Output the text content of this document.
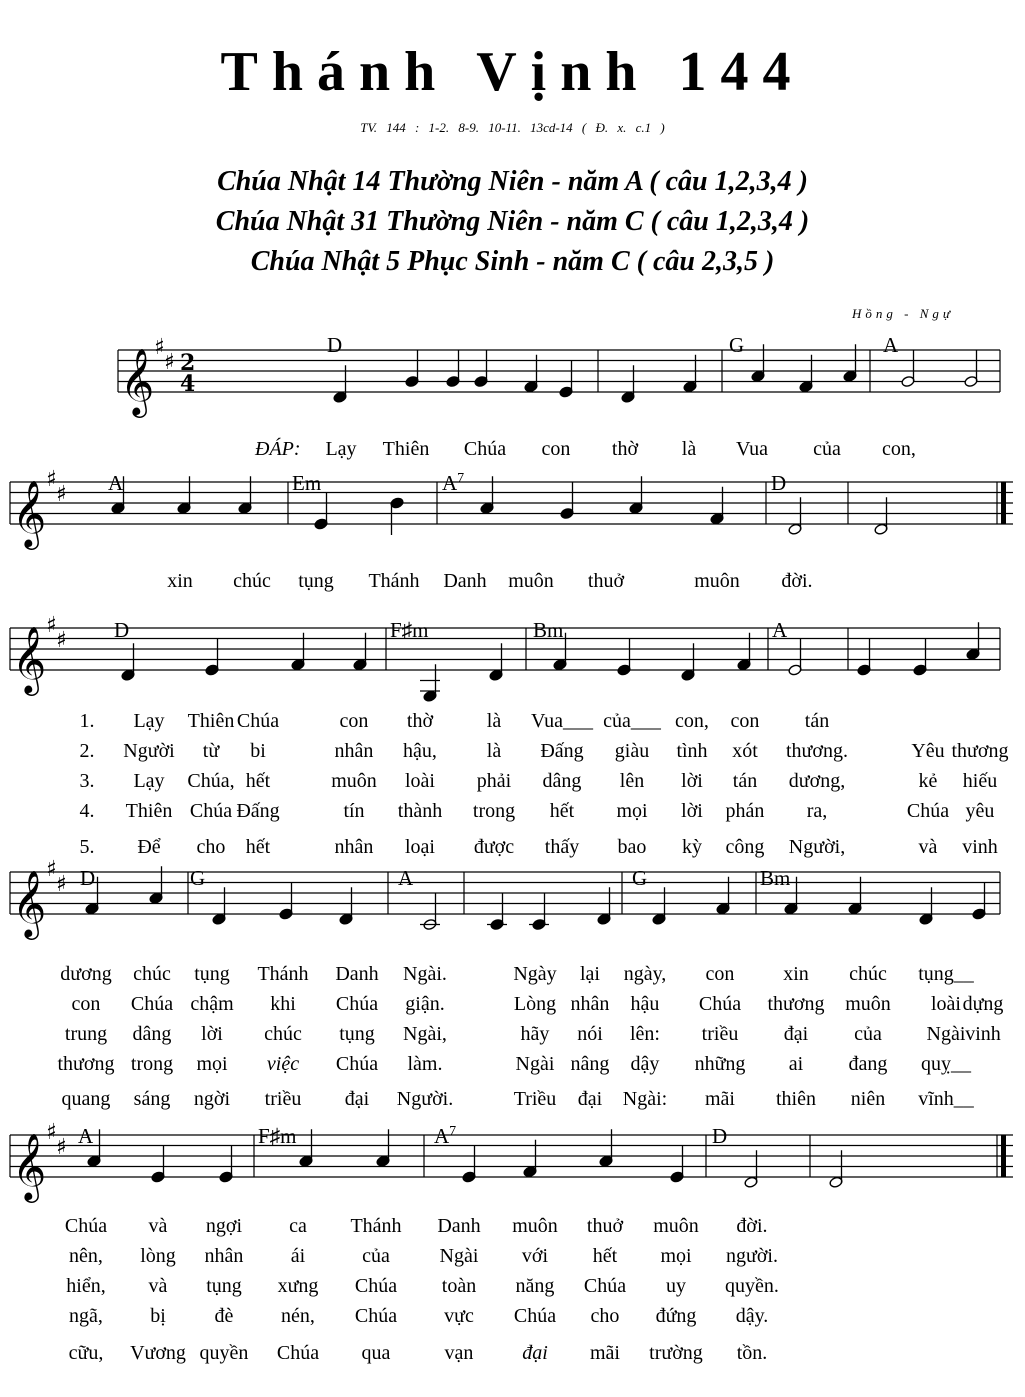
Thánh Vịnh 144
TV. 144 : 1-2. 8-9. 10-11. 13cd-14 ( Đ. x. c.1 )
Chúa Nhật 14 Thường Niên - năm A ( câu 1,2,3,4 )
Chúa Nhật 31 Thường Niên - năm C ( câu 1,2,3,4 )
Chúa Nhật 5 Phục Sinh - năm C ( câu 2,3,5 )
Hồng - Ngự
𝄞 ♯
♯ 2
4
D	G	A
𝄞 ♯
♯ A	Em	$A^7$	D
𝄞 ♯
♯ D	F♯m	Bm	A
𝄞 ♯
♯ D	G	A	G	Bm
𝄞 ♯
♯ A	F♯m	$A^7$	D
ĐÁP: Lạy Thiên Chúa con thờ là Vua của con,
xin chúc tụng Thánh Danh muôn thuở	muôn đời.
1. Lạy Thiên Chúa	con thờ	là Vua___ của___ con, con tán
2. Người từ bi	nhân hậu, là Đấng giàu tình xót thương.	Yêu thương
3. Lạy Chúa, hết	muôn loài phải dâng lên lời tán dương,	kẻ hiếu
4. Thiên Chúa Đấng	tín thành trong hết mọi lời phán ra,	Chúa yêu
5. Để cho hết	nhân loại được thấy bao kỳ công Người,	và vinh
dương chúc tụng Thánh Danh Ngài.	Ngày lại ngày, con xin chúc tụng__
con Chúa chậm khi Chúa giận.	Lòng nhân hậu Chúa thương muôn loài dựng
trung dâng lời chúc tụng Ngài,	hãy nói lên: triều đại của Ngài vinh
thương trong mọi việc Chúa làm.	Ngài nâng dậy những ai đang quỵ__
quang sáng ngời triều đại Người.	Triều đại Ngài: mãi thiên niên vĩnh__
Chúa và ngợi ca Thánh Danh muôn thuở muôn đời.
nên, lòng nhân ái	của Ngài với hết mọi người.
hiển, và tụng xưng Chúa toàn năng Chúa uy quyền.
ngã, bị đè nén, Chúa vực Chúa cho đứng dậy.
cữu, Vương quyền Chúa qua	vạn đại mãi trường tồn.
